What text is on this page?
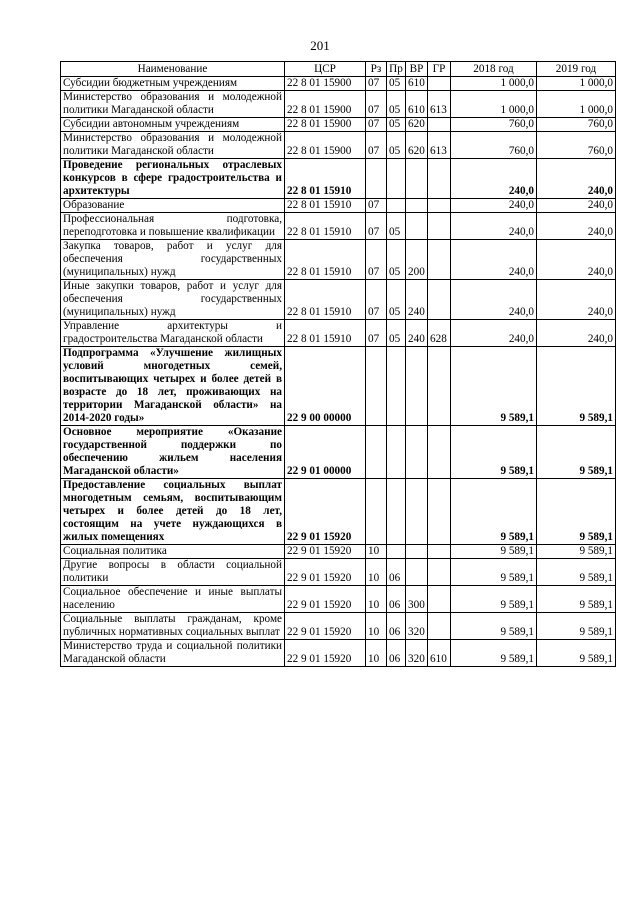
201
Наименование	ЦСР	Рз	Пр	ВР	ГР	2018 год	2019 год
Субсидии бюджетным учреждениям	22 8 01 15900	07	05	610		1 000,0	1 000,0
Министерство образования и молодежной политики Магаданской области	22 8 01 15900	07	05	610	613	1 000,0	1 000,0
Субсидии автономным учреждениям	22 8 01 15900	07	05	620		760,0	760,0
Министерство образования и молодежной политики Магаданской области	22 8 01 15900	07	05	620	613	760,0	760,0
Проведение региональных отраслевых конкурсов в сфере градостроительства и архитектуры	22 8 01 15910					240,0	240,0
Образование	22 8 01 15910	07				240,0	240,0
Профессиональная подготовка, переподготовка и повышение квалификации	22 8 01 15910	07	05			240,0	240,0
Закупка товаров, работ и услуг для обеспечения государственных (муниципальных) нужд	22 8 01 15910	07	05	200		240,0	240,0
Иные закупки товаров, работ и услуг для обеспечения государственных (муниципальных) нужд	22 8 01 15910	07	05	240		240,0	240,0
Управление архитектуры и градостроительства Магаданской области	22 8 01 15910	07	05	240	628	240,0	240,0
Подпрограмма «Улучшение жилищных условий многодетных семей, воспитывающих четырех и более детей в возрасте до 18 лет, проживающих на территории Магаданской области» на 2014-2020 годы»	22 9 00 00000					9 589,1	9 589,1
Основное мероприятие «Оказание государственной поддержки по обеспечению жильем населения Магаданской области»	22 9 01 00000					9 589,1	9 589,1
Предоставление социальных выплат многодетным семьям, воспитывающим четырех и более детей до 18 лет, состоящим на учете нуждающихся в жилых помещениях	22 9 01 15920					9 589,1	9 589,1
Социальная политика	22 9 01 15920	10				9 589,1	9 589,1
Другие вопросы в области социальной политики	22 9 01 15920	10	06			9 589,1	9 589,1
Социальное обеспечение и иные выплаты населению	22 9 01 15920	10	06	300		9 589,1	9 589,1
Социальные выплаты гражданам, кроме публичных нормативных социальных выплат	22 9 01 15920	10	06	320		9 589,1	9 589,1
Министерство труда и социальной политики Магаданской области	22 9 01 15920	10	06	320	610	9 589,1	9 589,1
